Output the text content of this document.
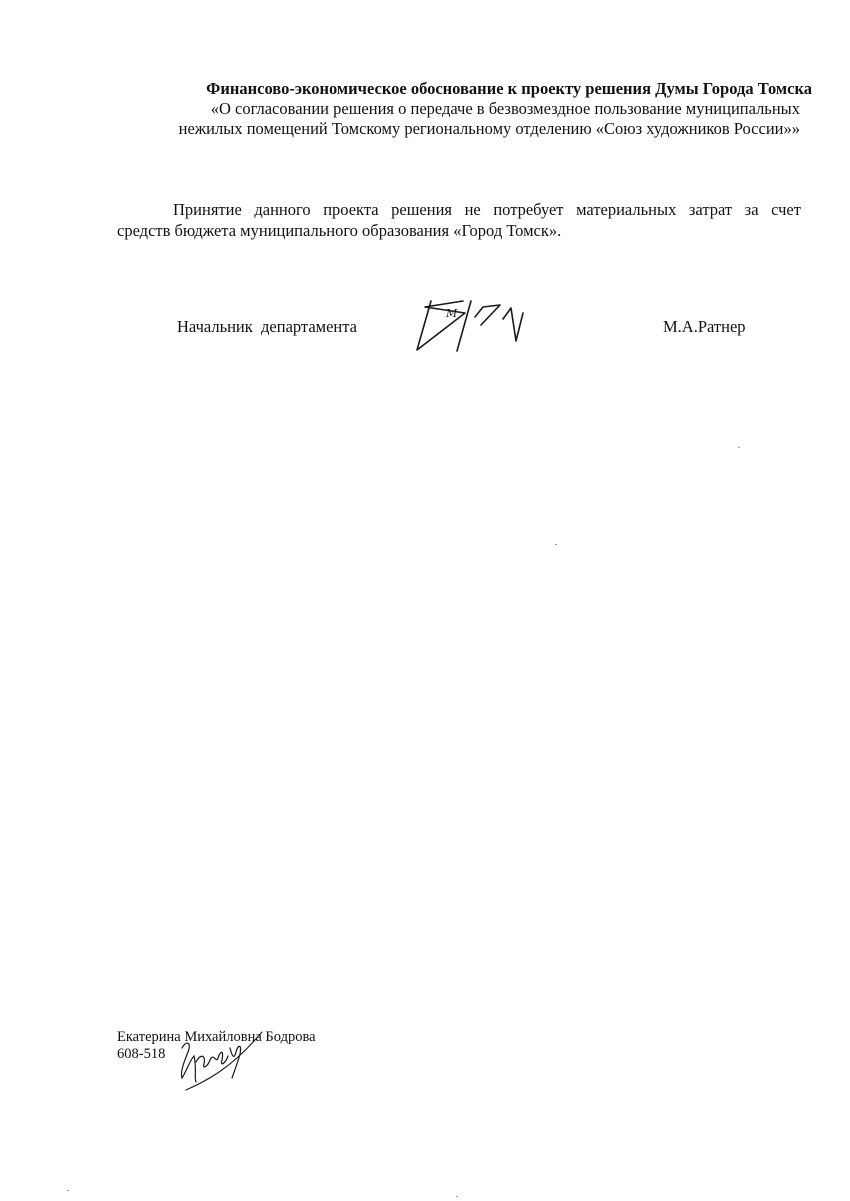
Финансово-экономическое обоснование к проекту решения Думы Города Томска
«О согласовании решения о передаче в безвозмездное пользование муниципальных
нежилых помещений Томскому региональному отделению «Союз художников России»»
Принятие данного проекта решения не потребует материальных затрат за счет
средств бюджета муниципального образования «Город Томск».
Начальник  департамента
М
М.А.Ратнер
Екатерина Михайловна Бодрова
608-518
